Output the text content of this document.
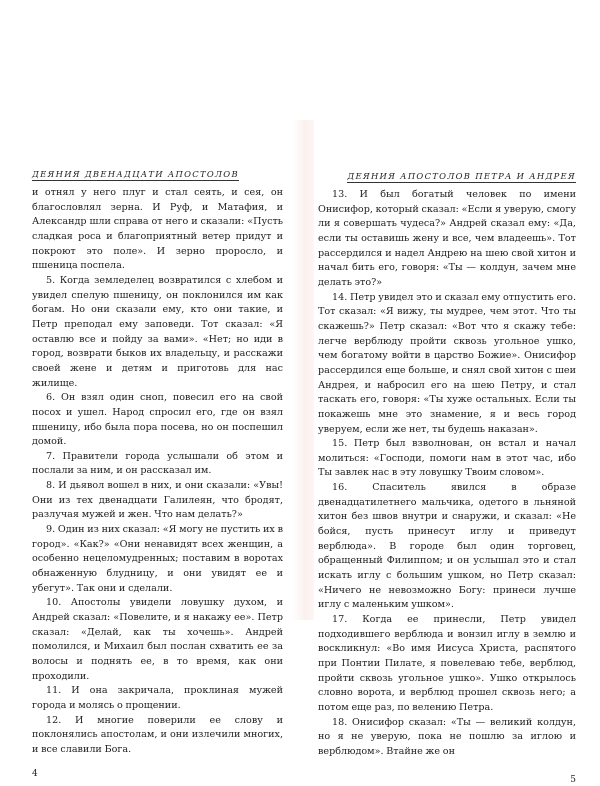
ДЕЯНИЯ ДВЕНАДЦАТИ АПОСТОЛОВ

и отнял у него плуг и стал сеять, и сея, он благословлял зерна. И Руф, и Матафия, и Александр шли справа от него и сказали: «Пусть сладкая роса и благоприятный ветер придут и покроют это поле». И зерно проросло, и пшеница поспела.

5. Когда земледелец возвратился с хлебом и увидел спелую пшеницу, он поклонился им как богам. Но они сказали ему, кто они такие, и Петр преподал ему заповеди. Тот сказал: «Я оставлю все и пойду за вами». «Нет; но иди в город, возврати быков их владельцу, и расскажи своей жене и детям и приготовь для нас жилище.

6. Он взял один сноп, повесил его на свой посох и ушел. Народ спросил его, где он взял пшеницу, ибо была пора посева, но он поспешил домой.

7. Правители города услышали об этом и послали за ним, и он рассказал им.

8. И дьявол вошел в них, и они сказали: «Увы! Они из тех двенадцати Галилеян, что бродят, разлучая мужей и жен. Что нам делать?»

9. Один из них сказал: «Я могу не пустить их в город». «Как?» «Они ненавидят всех женщин, а особенно нецеломудренных; поставим в воротах обнаженную блудницу, и они увидят ее и убегут». Так они и сделали.

10. Апостолы увидели ловушку духом, и Андрей сказал: «Повелите, и я накажу ее». Петр сказал: «Делай, как ты хочешь». Андрей помолился, и Михаил был послан схватить ее за волосы и поднять ее, в то время, как они проходили.

11. И она закричала, проклиная мужей города и молясь о прощении.

12. И многие поверили ее слову и поклонялись апостолам, и они излечили многих, и все славили Бога.

4
ДЕЯНИЯ АПОСТОЛОВ ПЕТРА И АНДРЕЯ

13. И был богатый человек по имени Онисифор, который сказал: «Если я уверую, смогу ли я совершать чудеса?» Андрей сказал ему: «Да, если ты оставишь жену и все, чем владеешь». Тот рассердился и надел Андрею на шею свой хитон и начал бить его, говоря: «Ты — колдун, зачем мне делать это?»

14. Петр увидел это и сказал ему отпустить его. Тот сказал: «Я вижу, ты мудрее, чем этот. Что ты скажешь?» Петр сказал: «Вот что я скажу тебе: легче верблюду пройти сквозь угольное ушко, чем богатому войти в царство Божие». Онисифор рассердился еще больше, и снял свой хитон с шеи Андрея, и набросил его на шею Петру, и стал таскать его, говоря: «Ты хуже остальных. Если ты покажешь мне это знамение, я и весь город уверуем, если же нет, ты будешь наказан».

15. Петр был взволнован, он встал и начал молиться: «Господи, помоги нам в этот час, ибо Ты завлек нас в эту ловушку Твоим словом».

16. Спаситель явился в образе двенадцатилетнего мальчика, одетого в льняной хитон без швов внутри и снаружи, и сказал: «Не бойся, пусть принесут иглу и приведут верблюда». В городе был один торговец, обращенный Филиппом; и он услышал это и стал искать иглу с большим ушком, но Петр сказал: «Ничего не невозможно Богу: принеси лучше иглу с маленьким ушком».

17. Когда ее принесли, Петр увидел подходившего верблюда и вонзил иглу в землю и воскликнул: «Во имя Иисуса Христа, распятого при Понтии Пилате, я повелеваю тебе, верблюд, пройти сквозь угольное ушко». Ушко открылось словно ворота, и верблюд прошел сквозь него; а потом еще раз, по велению Петра.

18. Онисифор сказал: «Ты — великий колдун, но я не уверую, пока не пошлю за иглою и верблюдом». Втайне же он

5
